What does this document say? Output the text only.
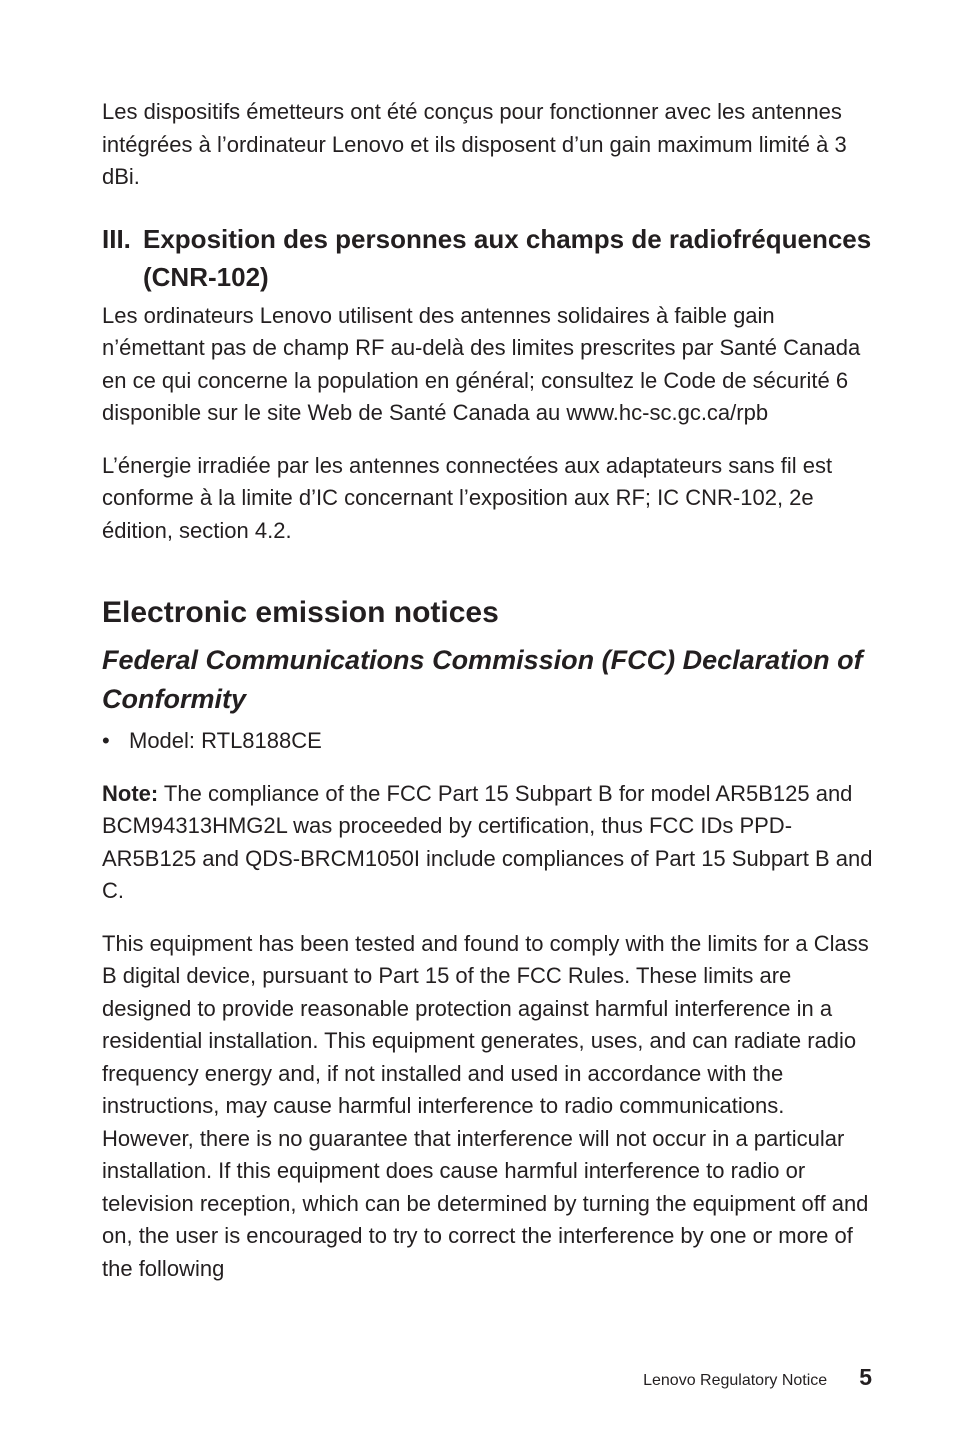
Les dispositifs émetteurs ont été conçus pour fonctionner avec les antennes intégrées à l’ordinateur Lenovo et ils disposent d’un gain maximum limité à 3 dBi.

III. Exposition des personnes aux champs de radiofréquences (CNR-102)

Les ordinateurs Lenovo utilisent des antennes solidaires à faible gain n’émettant pas de champ RF au-delà des limites prescrites par Santé Canada en ce qui concerne la population en général; consultez le Code de sécurité 6 disponible sur le site Web de Santé Canada au www.hc-sc.gc.ca/rpb

L’énergie irradiée par les antennes connectées aux adaptateurs sans fil est conforme à la limite d’IC concernant l’exposition aux RF; IC CNR-102, 2e édition, section 4.2.

Electronic emission notices
Federal Communications Commission (FCC) Declaration of Conformity
• Model: RTL8188CE

Note: The compliance of the FCC Part 15 Subpart B for model AR5B125 and BCM94313HMG2L was proceeded by certification, thus FCC IDs PPD-AR5B125 and QDS-BRCM1050I include compliances of Part 15 Subpart B and C.

This equipment has been tested and found to comply with the limits for a Class B digital device, pursuant to Part 15 of the FCC Rules. These limits are designed to provide reasonable protection against harmful interference in a residential installation. This equipment generates, uses, and can radiate radio frequency energy and, if not installed and used in accordance with the instructions, may cause harmful interference to radio communications. However, there is no guarantee that interference will not occur in a particular installation. If this equipment does cause harmful interference to radio or television reception, which can be determined by turning the equipment off and on, the user is encouraged to try to correct the interference by one or more of the following

Lenovo Regulatory Notice 5
